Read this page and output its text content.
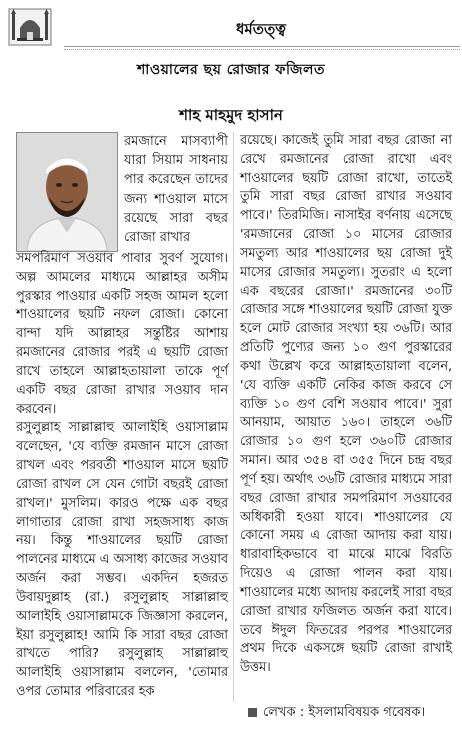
ধর্মতত্ত্ব
শাওয়ালের ছয় রোজার ফজিলত
শাহ মাহমুদ হাসান

রমজানে মাসব্যাপী যারা সিয়াম সাধনায় পার করেছেন তাদের জন্য শাওয়াল মাসে রয়েছে সারা বছর রোজা রাখার

সমপরিমাণ সওয়াব পাবার সুবর্ণ সুযোগ। অল্প আমলের মাধ্যমে আল্লাহর অসীম পুরস্কার পাওয়ার একটি সহজ আমল হলো শাওয়ালের ছয়টি নফল রোজা। কোনো বান্দা যদি আল্লাহর সন্তুষ্টির আশায় রমজানের রোজার পরই এ ছয়টি রোজা রাখে তাহলে আল্লাহতায়ালা তাকে পূর্ণ একটি বছর রোজা রাখার সওয়াব দান করবেন।

রসুলুল্লাহ সাল্লাল্লাহু আলাইহি ওয়াসাল্লাম বলেছেন, 'যে ব্যক্তি রমজান মাসে রোজা রাখল এবং পরবর্তী শাওয়াল মাসে ছয়টি রোজা রাখল সে যেন গোটা বছরই রোজা রাখল।' মুসলিম। কারও পক্ষে এক বছর লাগাতার রোজা রাখা সহজসাধ্য কাজ নয়। কিন্তু শাওয়ালের ছয়টি রোজা পালনের মাধ্যমে এ অসাধ্য কাজের সওয়াব অর্জন করা সম্ভব। একদিন হজরত উবায়দুল্লাহ (রা.) রসুলুল্লাহ সাল্লাল্লাহু আলাইহি ওয়াসাল্লামকে জিজ্ঞাসা করলেন, ইয়া রসুলুল্লাহ! আমি কি সারা বছর রোজা রাখতে পারি? রসুলুল্লাহ সাল্লাল্লাহু আলাইহি ওয়াসাল্লাম বললেন, 'তোমার ওপর তোমার পরিবারের হক

রয়েছে। কাজেই তুমি সারা বছর রোজা না রেখে রমজানের রোজা রাখো এবং শাওয়ালের ছয়টি রোজা রাখো, তাতেই তুমি সারা বছর রোজা রাখার সওয়াব পাবে।' তিরমিজি। নাসাইর বর্ণনায় এসেছে 'রমজানের রোজা ১০ মাসের রোজার সমতুল্য আর শাওয়ালের ছয় রোজা দুই মাসের রোজার সমতুল্য। সুতরাং এ হলো এক বছরের রোজা।' রমজানের ৩০টি রোজার সঙ্গে শাওয়ালের ছয়টি রোজা যুক্ত হলে মোট রোজার সংখ্যা হয় ৩৬টি। আর প্রতিটি পুণ্যের জন্য ১০ গুণ পুরস্কারের কথা উল্লেখ করে আল্লাহতায়ালা বলেন, 'যে ব্যক্তি একটি নেকির কাজ করবে সে ব্যক্তি ১০ গুণ বেশি সওয়াব পাবে।' সুরা আনয়াম, আয়াত ১৬০। তাহলে ৩৬টি রোজার ১০ গুণ হলে ৩৬০টি রোজার সমান। আর ৩৫৪ বা ৩৫৫ দিনে চন্দ্র বছর পূর্ণ হয়। অর্থাৎ ৩৬টি রোজার মাধ্যমে সারা বছর রোজা রাখার সমপরিমাণ সওয়াবের অধিকারী হওয়া যাবে। শাওয়ালের যে কোনো সময় এ রোজা আদায় করা যায়। ধারাবাহিকভাবে বা মাঝে মাঝে বিরতি দিয়েও এ রোজা পালন করা যায়। শাওয়ালের মধ্যে আদায় করলেই সারা বছর রোজা রাখার ফজিলত অর্জন করা যাবে। তবে ঈদুল ফিতরের পরপর শাওয়ালের প্রথম দিকে একসঙ্গে ছয়টি রোজা রাখাই উত্তম।

লেখক : ইসলামবিষয়ক গবেষক।
